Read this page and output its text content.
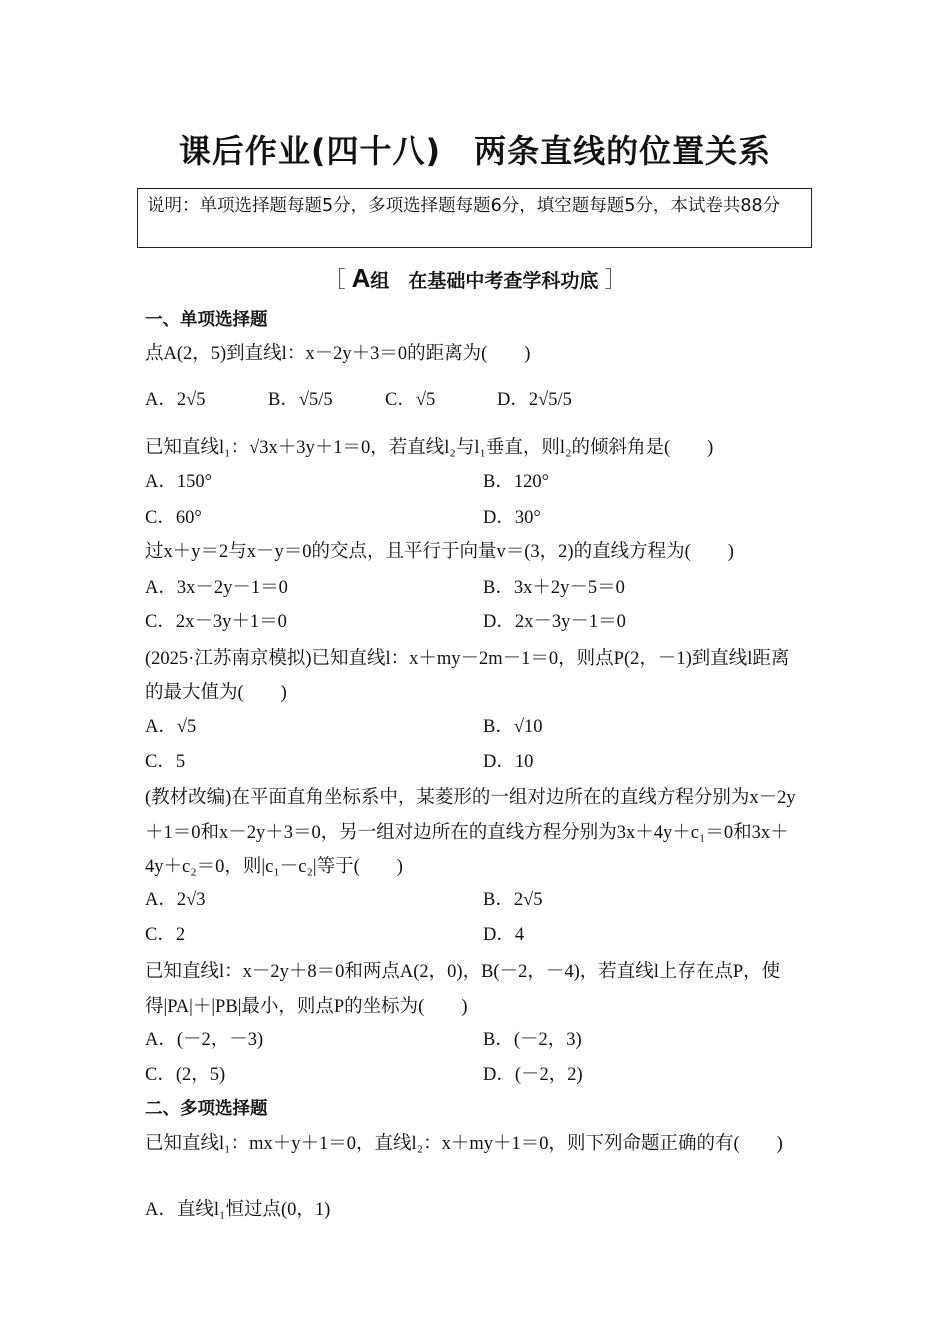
课后作业(四十八)　两条直线的位置关系
说明：单项选择题每题5分，多项选择题每题6分，填空题每题5分，本试卷共88分
［ A组　在基础中考查学科功底 ］
一、单项选择题
点A(2，5)到直线l：x－2y＋3＝0的距离为(　　)
A．2√5	B．√5/5	C．√5	D．2√5/5
已知直线l₁：√3x＋3y＋1＝0，若直线l₂与l₁垂直，则l₂的倾斜角是(　　)
A．150°	B．120°
C．60°	D．30°
过x＋y＝2与x－y＝0的交点，且平行于向量v＝(3，2)的直线方程为(　　)
A．3x－2y－1＝0	B．3x＋2y－5＝0
C．2x－3y＋1＝0	D．2x－3y－1＝0
(2025·江苏南京模拟)已知直线l：x＋my－2m－1＝0，则点P(2，－1)到直线l距离的最大值为(　　)
A．√5	B．√10
C．5	D．10
(教材改编)在平面直角坐标系中，某菱形的一组对边所在的直线方程分别为x－2y＋1＝0和x－2y＋3＝0，另一组对边所在的直线方程分别为3x＋4y＋c₁＝0和3x＋4y＋c₂＝0，则|c₁－c₂|等于(　　)
A．2√3	B．2√5
C．2	D．4
已知直线l：x－2y＋8＝0和两点A(2，0)，B(－2，－4)，若直线l上存在点P，使得|PA|＋|PB|最小，则点P的坐标为(　　)
A．(－2，－3)	B．(－2，3)
C．(2，5)	D．(－2，2)
二、多项选择题
已知直线l₁：mx＋y＋1＝0，直线l₂：x＋my＋1＝0，则下列命题正确的有(　　)
A．直线l₁恒过点(0，1)
